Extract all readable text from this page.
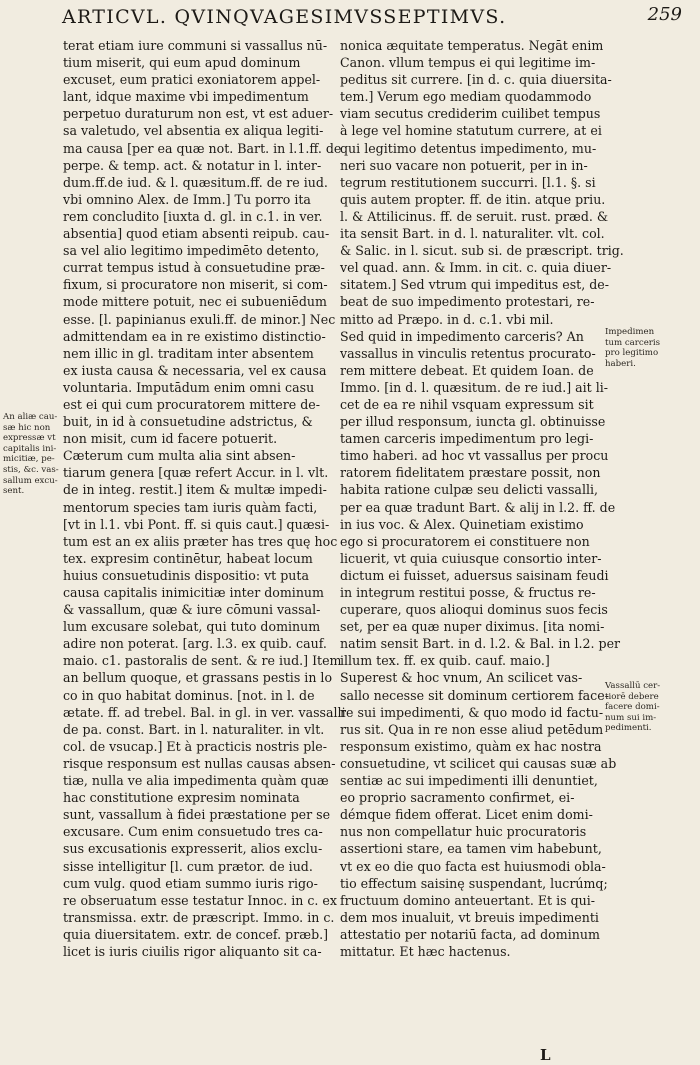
ARTICVL. QVINQVAGESIMVSSEPTIMVS.	259
terat etiam iure communi si vassallus nū-
tium miserit, qui eum apud dominum
excuset, eum pratici exoniatorem appel-
lant, idque maxime vbi impedimentum
perpetuo duraturum non est, vt est aduer-
sa valetudo, vel absentia ex aliqua legiti-
ma causa [per ea quæ not. Bart. in l.1.ff. de
perpe. & temp. act. & notatur in l. inter-
dum.ff.de iud. & l. quæsitum.ff. de re iud.
vbi omnino Alex. de Imm.] Tu porro ita
rem concludito [iuxta d. gl. in c.1. in ver.
absentia] quod etiam absenti reipub. cau-
sa vel alio legitimo impedimēto detento,
currat tempus istud à consuetudine præ-
fixum, si procuratore non miserit, si com-
mode mittere potuit, nec ei subueniēdum
esse. [l. papinianus exuli.ff. de minor.] Nec
admittendam ea in re existimo distinctio-
nem illic in gl. traditam inter absentem
ex iusta causa & necessaria, vel ex causa
voluntaria. Imputādum enim omni casu
est ei qui cum procuratorem mittere de-
buit, in id à consuetudine adstrictus, &
non misit, cum id facere potuerit.
Cæterum cum multa alia sint absen-
tiarum genera [quæ refert Accur. in l. vlt.
de in integ. restit.] item & multæ impedi-
mentorum species tam iuris quàm facti,
[vt in l.1. vbi Pont. ff. si quis caut.] quæsi-
tum est an ex aliis præter has tres quę hoc
tex. expresim continētur, habeat locum
huius consuetudinis dispositio: vt puta
causa capitalis inimicitiæ inter dominum
& vassallum, quæ & iure cōmuni vassal-
lum excusare solebat, qui tuto dominum
adire non poterat. [arg. l.3. ex quib. cauf.
maio. c1. pastoralis de sent. & re iud.] Item
an bellum quoque, et grassans pestis in lo
co in quo habitat dominus. [not. in l. de
ætate. ff. ad trebel. Bal. in gl. in ver. vassalli
de pa. const. Bart. in l. naturaliter. in vlt.
col. de vsucap.] Et à practicis nostris ple-
risque responsum est nullas causas absen-
tiæ, nulla ve alia impedimenta quàm quæ
hac constitutione expresim nominata
sunt, vassallum à fidei præstatione per se
excusare. Cum enim consuetudo tres ca-
sus excusationis expresserit, alios exclu-
sisse intelligitur [l. cum prætor. de iud.
cum vulg. quod etiam summo iuris rigo-
re obseruatum esse testatur Innoc. in c. ex
transmissa. extr. de præscript. Immo. in c.
quia diuersitatem. extr. de concef. præb.]
licet is iuris ciuilis rigor aliquanto sit ca-
nonica æquitate temperatus. Negāt enim
Canon. vllum tempus ei qui legitime im-
peditus sit currere. [in d. c. quia diuersita-
tem.] Verum ego mediam quodammodo
viam secutus crediderim cuilibet tempus
à lege vel homine statutum currere, at ei
qui legitimo detentus impedimento, mu-
neri suo vacare non potuerit, per in in-
tegrum restitutionem succurri. [l.1. §. si
quis autem propter. ff. de itin. atque priu.
l. & Attilicinus. ff. de seruit. rust. præd. &
ita sensit Bart. in d. l. naturaliter. vlt. col.
& Salic. in l. sicut. sub si. de præscript. trig.
vel quad. ann. & Imm. in cit. c. quia diuer-
sitatem.] Sed vtrum qui impeditus est, de-
beat de suo impedimento protestari, re-
mitto ad Præpo. in d. c.1. vbi mil.
Sed quid in impedimento carceris? An
vassallus in vinculis retentus procurato-
rem mittere debeat. Et quidem Ioan. de
Immo. [in d. l. quæsitum. de re iud.] ait li-
cet de ea re nihil vsquam expressum sit
per illud responsum, iuncta gl. obtinuisse
tamen carceris impedimentum pro legi-
timo haberi. ad hoc vt vassallus per procu
ratorem fidelitatem præstare possit, non
habita ratione culpæ seu delicti vassalli,
per ea quæ tradunt Bart. & alij in l.2. ff. de
in ius voc. & Alex. Quinetiam existimo
ego si procuratorem ei constituere non
licuerit, vt quia cuiusque consortio inter-
dictum ei fuisset, aduersus saisinam feudi
in integrum restitui posse, & fructus re-
cuperare, quos alioqui dominus suos fecis
set, per ea quæ nuper diximus. [ita nomi-
natim sensit Bart. in d. l.2. & Bal. in l.2. per
illum tex. ff. ex quib. cauf. maio.]
Superest & hoc vnum, An scilicet vas-
sallo necesse sit dominum certiorem face-
re sui impedimenti, & quo modo id factu-
rus sit. Qua in re non esse aliud petēdum
responsum existimo, quàm ex hac nostra
consuetudine, vt scilicet qui causas suæ ab
sentiæ ac sui impedimenti illi denuntiet,
eo proprio sacramento confirmet, ei-
démque fidem offerat. Licet enim domi-
nus non compellatur huic procuratoris
assertioni stare, ea tamen vim habebunt,
vt ex eo die quo facta est huiusmodi obla-
tio effectum saisinę suspendant, lucrúmq;
fructuum domino anteuertant. Et is qui-
dem mos inualuit, vt breuis impedimenti
attestatio per notariū facta, ad dominum
mittatur. Et hæc hactenus.
An aliæ cau-
sæ hic non
expressæ vt
capitalis ini-
micitiæ, pe-
stis, &c. vas-
sallum excu-
sent.
Impedimen
tum carceris
pro legitimo
haberi.
Vassallū cer-
tiorē debere
facere domi-
num sui im-
pedimenti.
L
